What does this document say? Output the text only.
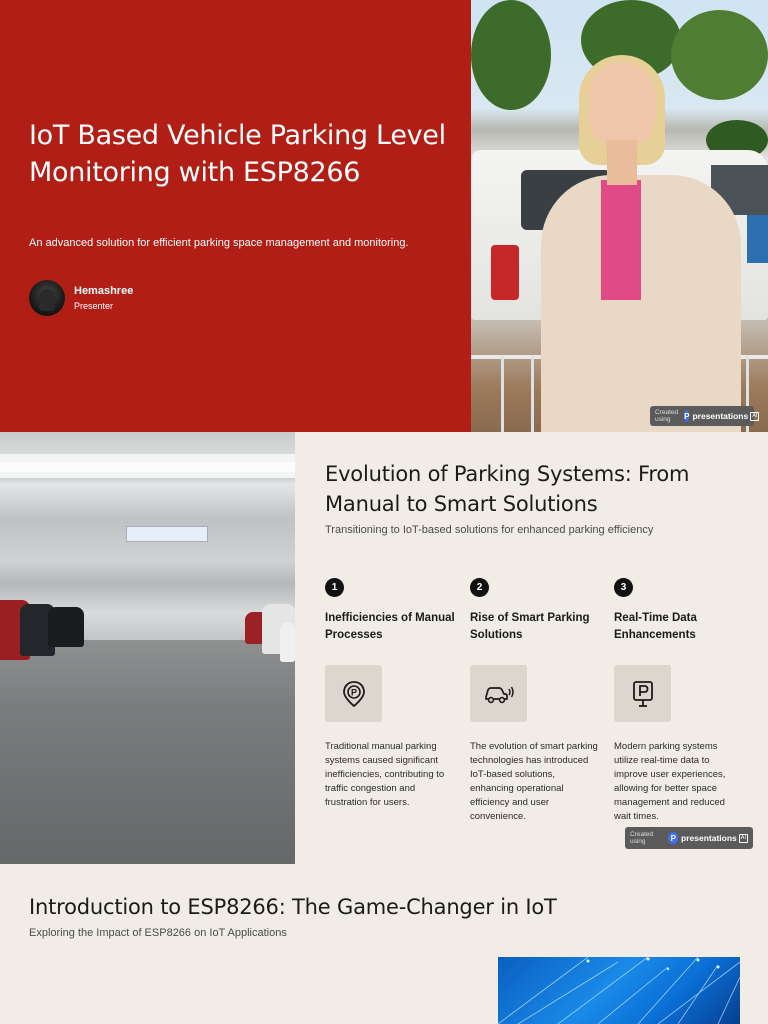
IoT Based Vehicle Parking Level Monitoring with ESP8266

An advanced solution for efficient parking space management and monitoring.

Hemashree
Presenter
Created using	P presentations AI
Evolution of Parking Systems: From Manual to Smart Solutions

Transitioning to IoT-based solutions for enhanced parking efficiency

1
Inefficiencies of Manual Processes
P
Traditional manual parking systems caused significant inefficiencies, contributing to traffic congestion and frustration for users.
2
Rise of Smart Parking Solutions
The evolution of smart parking technologies has introduced IoT-based solutions, enhancing operational efficiency and user convenience.
3
Real-Time Data Enhancements
Modern parking systems utilize real-time data to improve user experiences, allowing for better space management and reduced wait times.
Created using	P presentations AI
Introduction to ESP8266: The Game-Changer in IoT

Exploring the Impact of ESP8266 on IoT Applications
